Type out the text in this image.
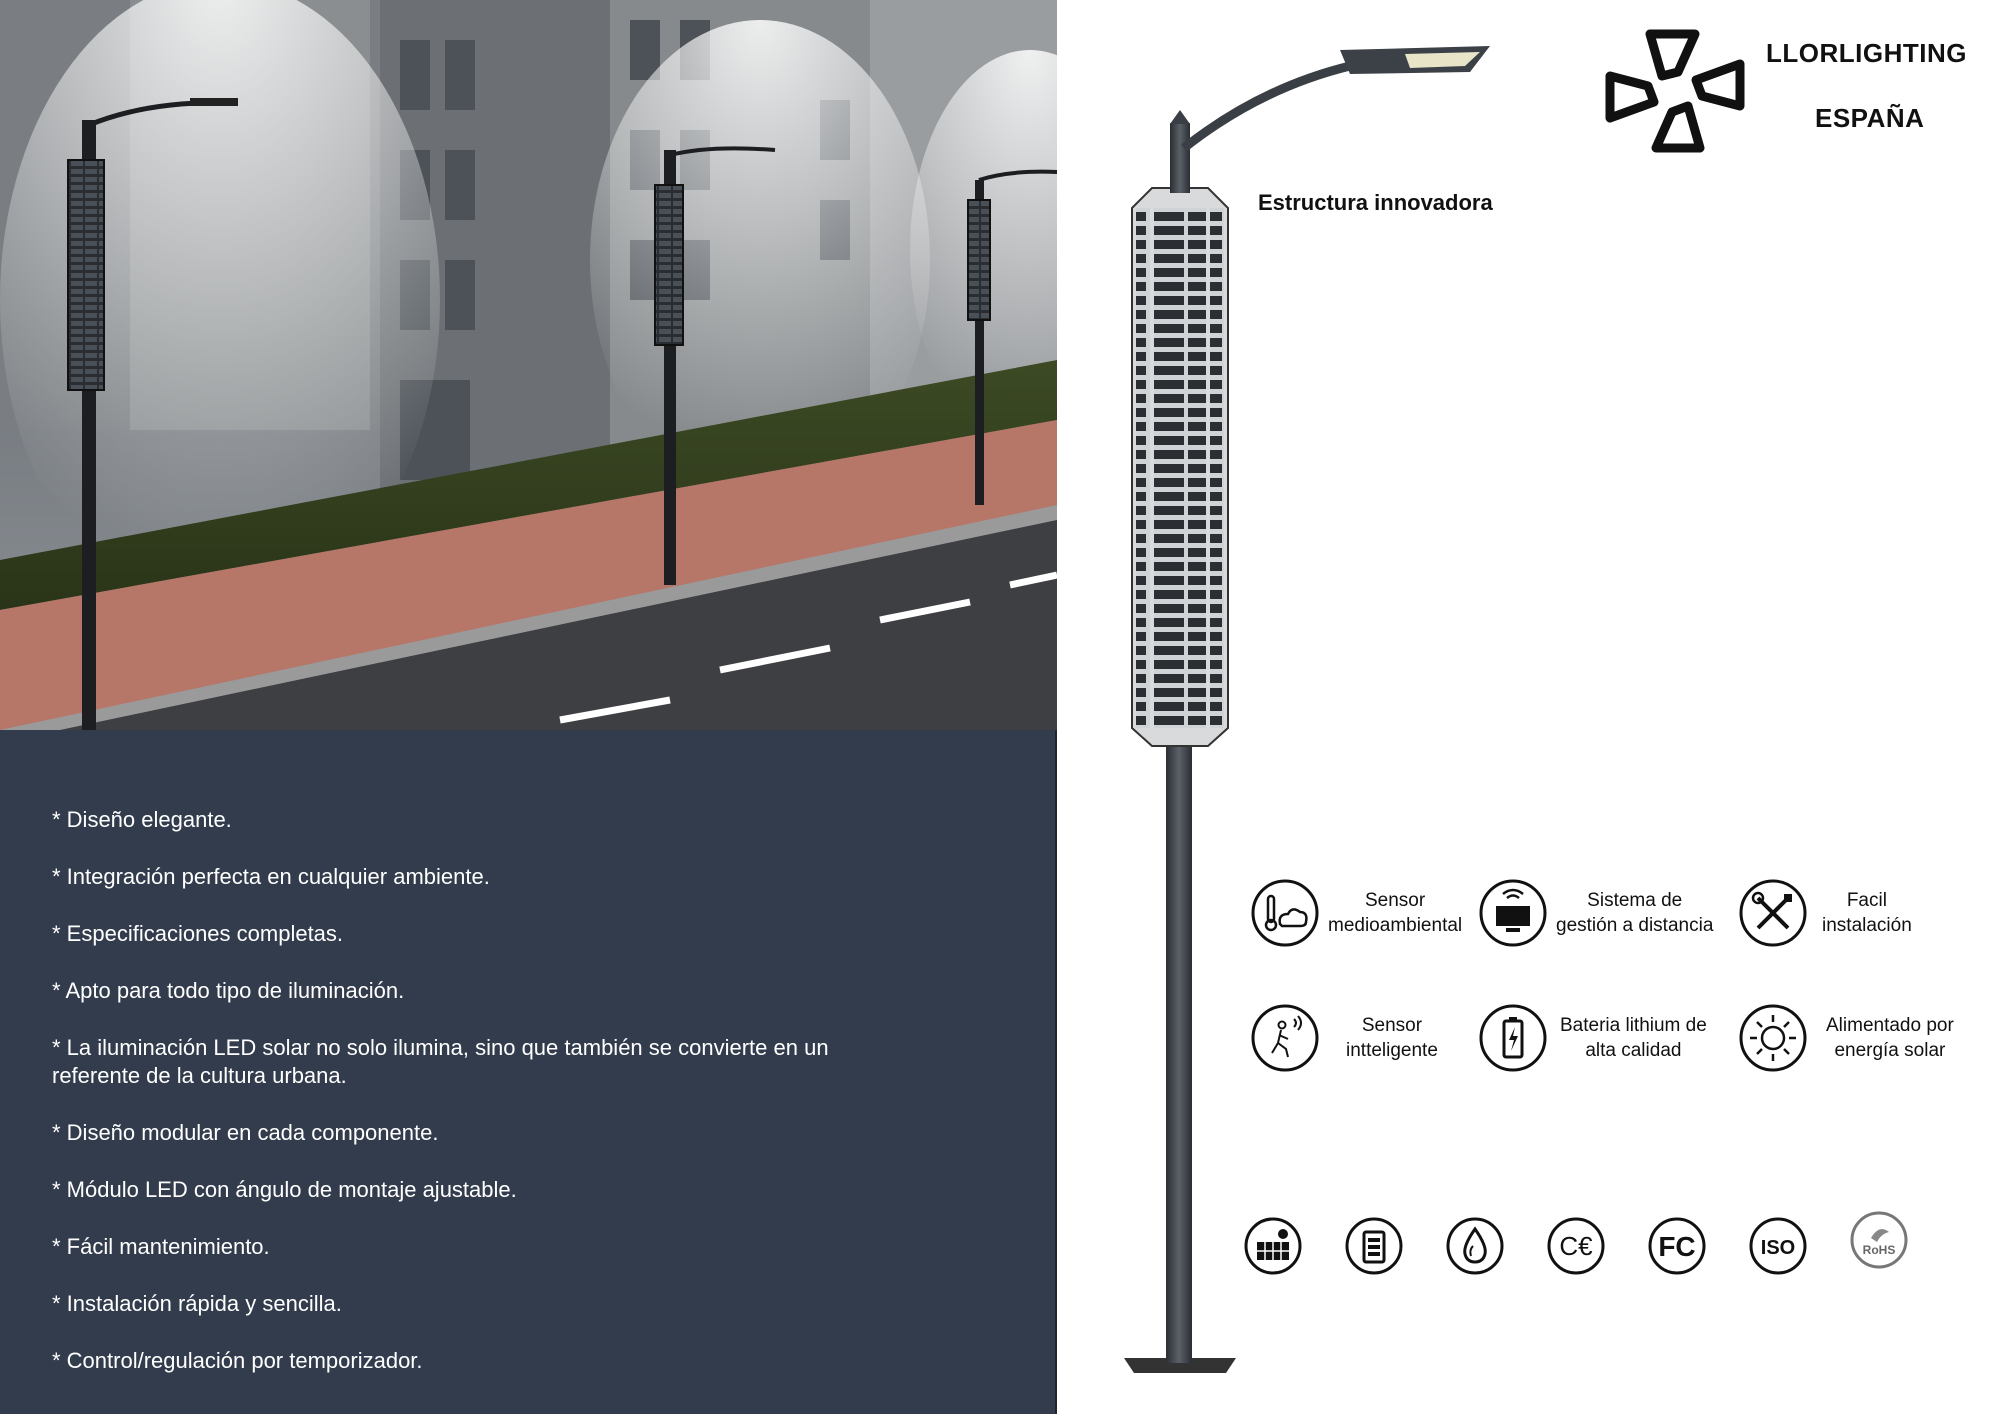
* Diseño elegante.
* Integración perfecta en cualquier ambiente.
* Especificaciones completas.
* Apto para todo tipo de iluminación.
* La iluminación LED solar no solo ilumina, sino que también se convierte en un referente de la cultura urbana.
* Diseño modular en cada componente.
* Módulo LED con ángulo de montaje ajustable.
* Fácil mantenimiento.
* Instalación rápida y sencilla.
* Control/regulación por temporizador.
LLORLIGHTING
ESPAÑA
Estructura innovadora
Sensor
medioambiental
Sistema de
gestión a distancia
Facil
instalación
Sensor
intteligente
Bateria lithium de
alta calidad
Alimentado por
energía solar
C€ FC	ISO	RoHS
